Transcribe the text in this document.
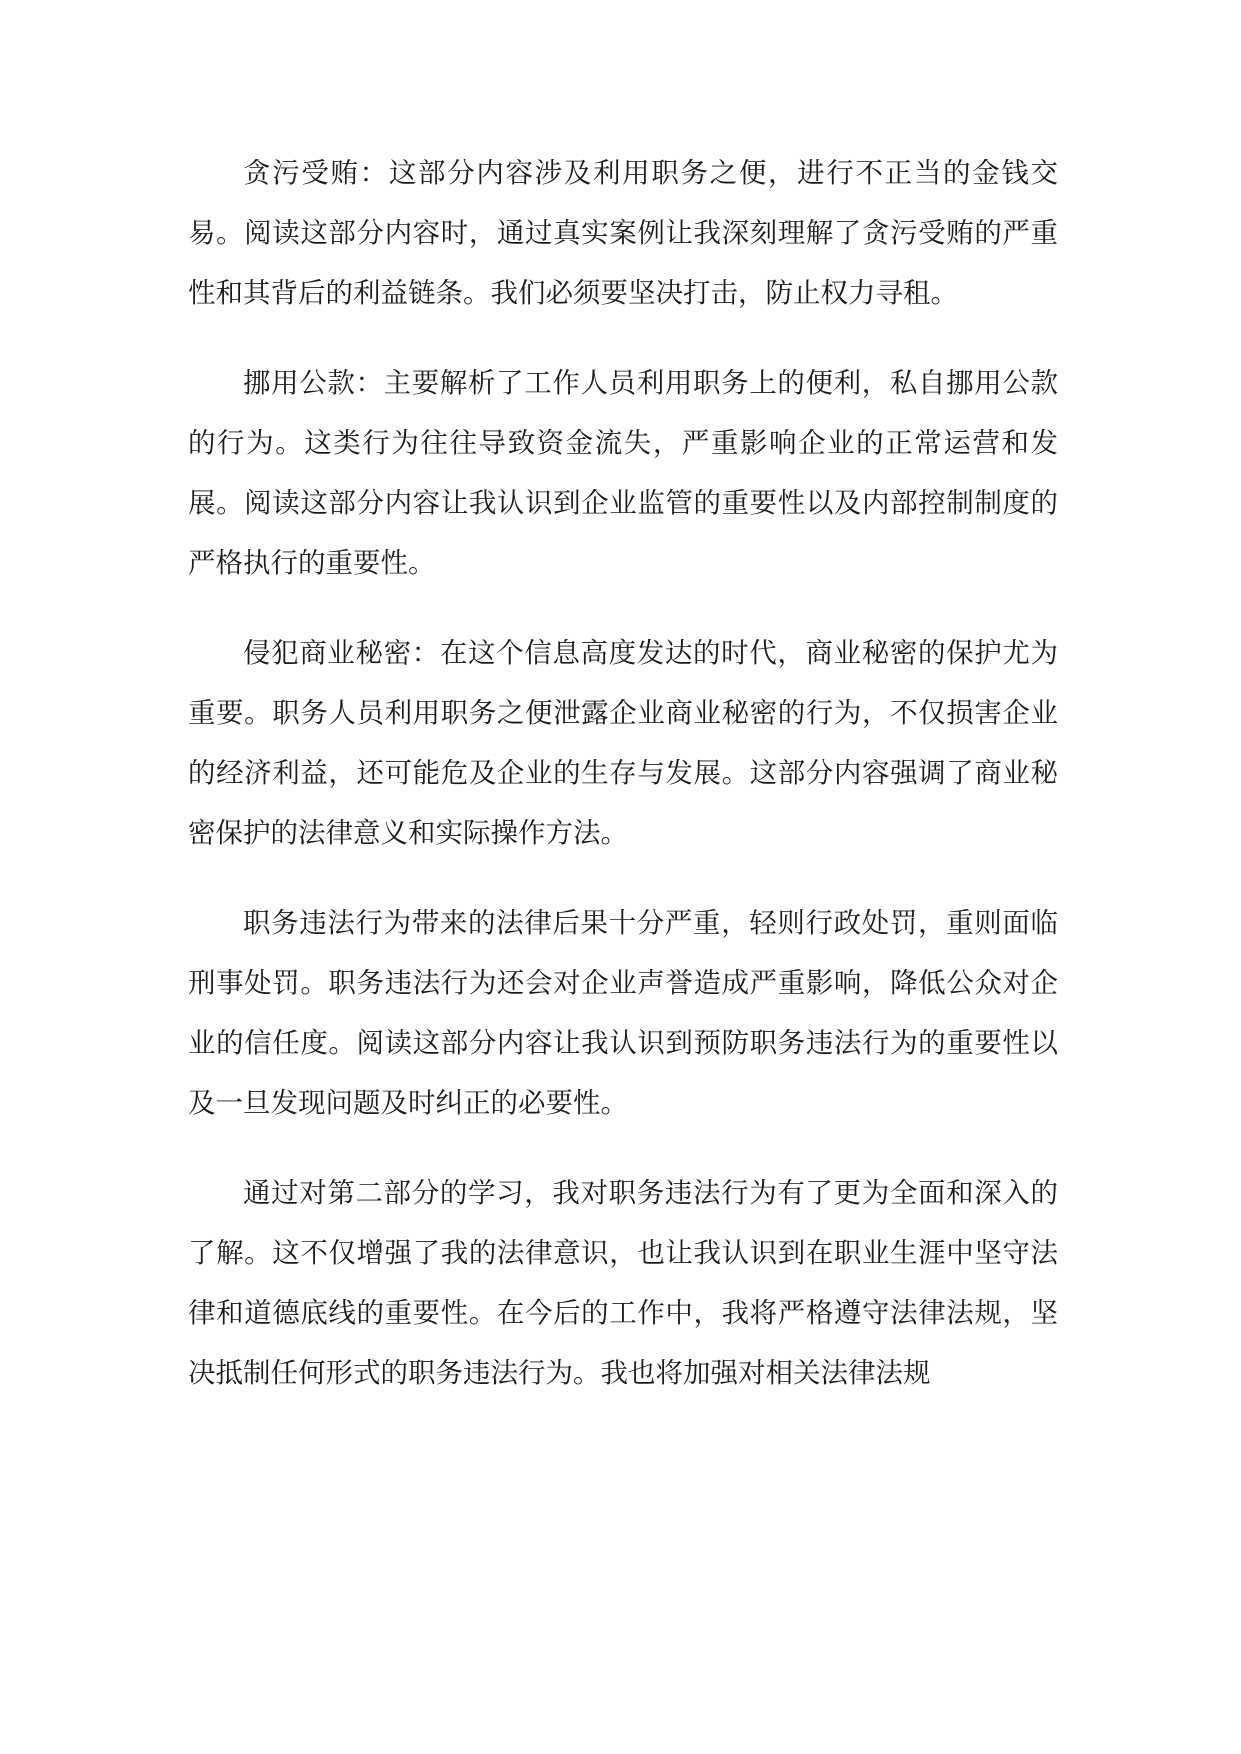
贪污受贿：这部分内容涉及利用职务之便，进行不正当的金钱交易。阅读这部分内容时，通过真实案例让我深刻理解了贪污受贿的严重性和其背后的利益链条。我们必须要坚决打击，防止权力寻租。

挪用公款：主要解析了工作人员利用职务上的便利，私自挪用公款的行为。这类行为往往导致资金流失，严重影响企业的正常运营和发展。阅读这部分内容让我认识到企业监管的重要性以及内部控制制度的严格执行的重要性。

侵犯商业秘密：在这个信息高度发达的时代，商业秘密的保护尤为重要。职务人员利用职务之便泄露企业商业秘密的行为，不仅损害企业的经济利益，还可能危及企业的生存与发展。这部分内容强调了商业秘密保护的法律意义和实际操作方法。

职务违法行为带来的法律后果十分严重，轻则行政处罚，重则面临刑事处罚。职务违法行为还会对企业声誉造成严重影响，降低公众对企业的信任度。阅读这部分内容让我认识到预防职务违法行为的重要性以及一旦发现问题及时纠正的必要性。

通过对第二部分的学习，我对职务违法行为有了更为全面和深入的了解。这不仅增强了我的法律意识，也让我认识到在职业生涯中坚守法律和道德底线的重要性。在今后的工作中，我将严格遵守法律法规，坚决抵制任何形式的职务违法行为。我也将加强对相关法律法规
